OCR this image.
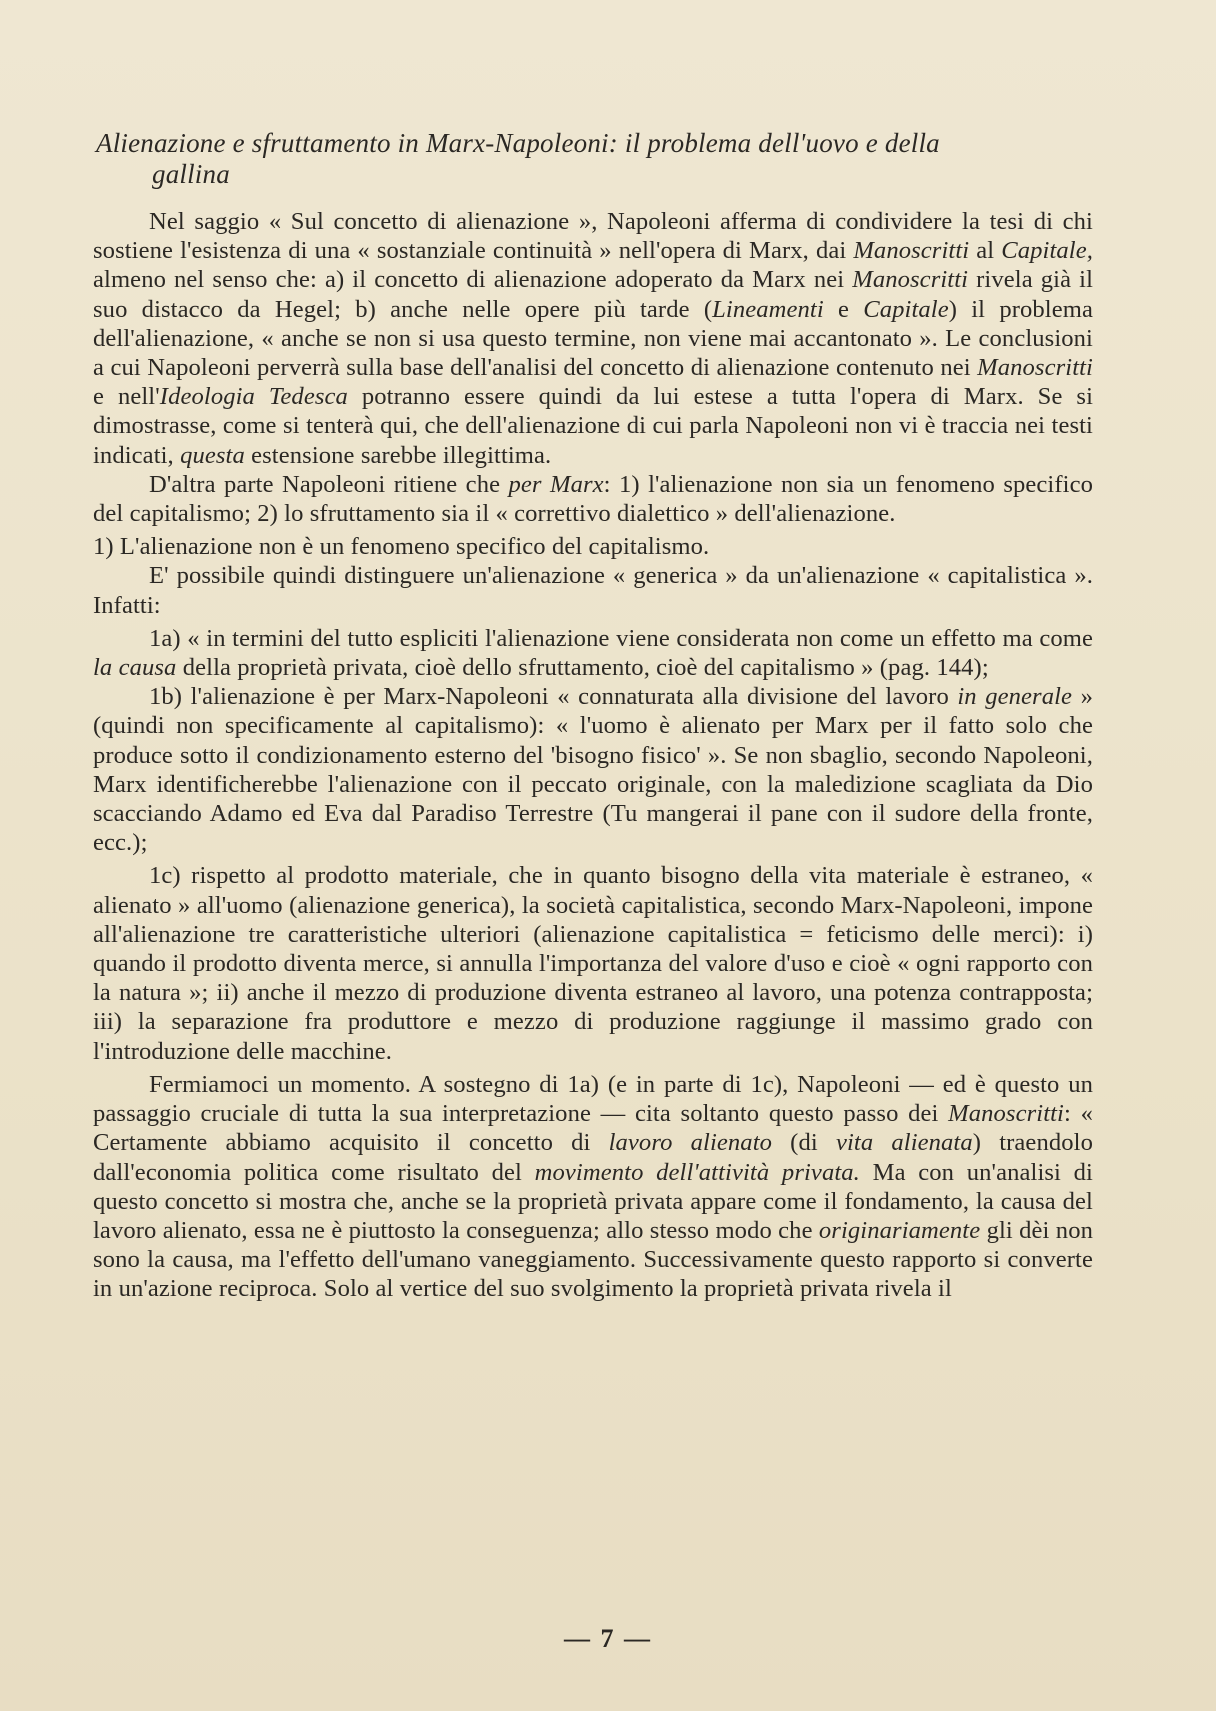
Alienazione e sfruttamento in Marx-Napoleoni: il problema dell'uovo e della
gallina

Nel saggio « Sul concetto di alienazione », Napoleoni afferma di condividere la tesi di chi sostiene l'esistenza di una « sostanziale continuità » nell'opera di Marx, dai Manoscritti al Capitale, almeno nel senso che: a) il concetto di alienazione adoperato da Marx nei Manoscritti rivela già il suo distacco da Hegel; b) anche nelle opere più tarde (Lineamenti e Capitale) il problema dell'alienazione, « anche se non si usa questo termine, non viene mai accantonato ». Le conclusioni a cui Napoleoni perverrà sulla base dell'analisi del concetto di alienazione contenuto nei Manoscritti e nell'Ideologia Tedesca potranno essere quindi da lui estese a tutta l'opera di Marx. Se si dimostrasse, come si tenterà qui, che dell'alienazione di cui parla Napoleoni non vi è traccia nei testi indicati, questa estensione sarebbe illegittima.

D'altra parte Napoleoni ritiene che per Marx: 1) l'alienazione non sia un fenomeno specifico del capitalismo; 2) lo sfruttamento sia il « correttivo dialettico » dell'alienazione.

1) L'alienazione non è un fenomeno specifico del capitalismo.

E' possibile quindi distinguere un'alienazione « generica » da un'alienazione « capitalistica ». Infatti:

1a) « in termini del tutto espliciti l'alienazione viene considerata non come un effetto ma come la causa della proprietà privata, cioè dello sfruttamento, cioè del capitalismo » (pag. 144);

1b) l'alienazione è per Marx-Napoleoni « connaturata alla divisione del lavoro in generale » (quindi non specificamente al capitalismo): « l'uomo è alienato per Marx per il fatto solo che produce sotto il condizionamento esterno del 'bisogno fisico' ». Se non sbaglio, secondo Napoleoni, Marx identificherebbe l'alienazione con il peccato originale, con la maledizione scagliata da Dio scacciando Adamo ed Eva dal Paradiso Terrestre (Tu mangerai il pane con il sudore della fronte, ecc.);

1c) rispetto al prodotto materiale, che in quanto bisogno della vita materiale è estraneo, « alienato » all'uomo (alienazione generica), la società capitalistica, secondo Marx-Napoleoni, impone all'alienazione tre caratteristiche ulteriori (alienazione capitalistica = feticismo delle merci): i) quando il prodotto diventa merce, si annulla l'importanza del valore d'uso e cioè « ogni rapporto con la natura »; ii) anche il mezzo di produzione diventa estraneo al lavoro, una potenza contrapposta; iii) la separazione fra produttore e mezzo di produzione raggiunge il massimo grado con l'introduzione delle macchine.

Fermiamoci un momento. A sostegno di 1a) (e in parte di 1c), Napoleoni — ed è questo un passaggio cruciale di tutta la sua interpretazione — cita soltanto questo passo dei Manoscritti: « Certamente abbiamo acquisito il concetto di lavoro alienato (di vita alienata) traendolo dall'economia politica come risultato del movimento dell'attività privata. Ma con un'analisi di questo concetto si mostra che, anche se la proprietà privata appare come il fondamento, la causa del lavoro alienato, essa ne è piuttosto la conseguenza; allo stesso modo che originariamente gli dèi non sono la causa, ma l'effetto dell'umano vaneggiamento. Successivamente questo rapporto si converte in un'azione reciproca. Solo al vertice del suo svolgimento la proprietà privata rivela il

— 7 —
